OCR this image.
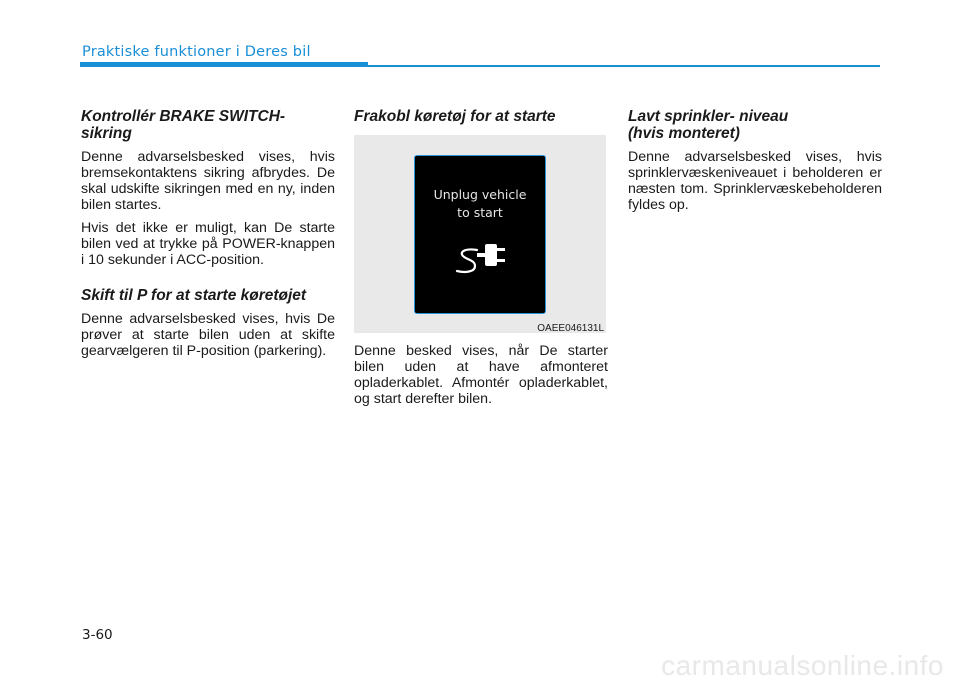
Praktiske funktioner i Deres bil
Kontrollér BRAKE SWITCH-sikring

Denne advarselsbesked vises, hvis bremsekontaktens sikring afbrydes. De skal udskifte sikringen med en ny, inden bilen startes.

Hvis det ikke er muligt, kan De starte bilen ved at trykke på POWER-knappen i 10 sekunder i ACC-position.

Skift til P for at starte køretøjet

Denne advarselsbesked vises, hvis De prøver at starte bilen uden at skifte gearvælgeren til P-position (parkering).

Frakobl køretøj for at starte
Unplug vehicle
to start
OAEE046131L

Denne besked vises, når De starter bilen uden at have afmonteret opladerkablet. Afmontér opladerkablet, og start derefter bilen.

Lavt sprinkler- niveau
(hvis monteret)

Denne advarselsbesked vises, hvis sprinklervæskeniveauet i beholderen er næsten tom. Sprinklervæskebeholderen fyldes op.

3-60
carmanualsonline.info
